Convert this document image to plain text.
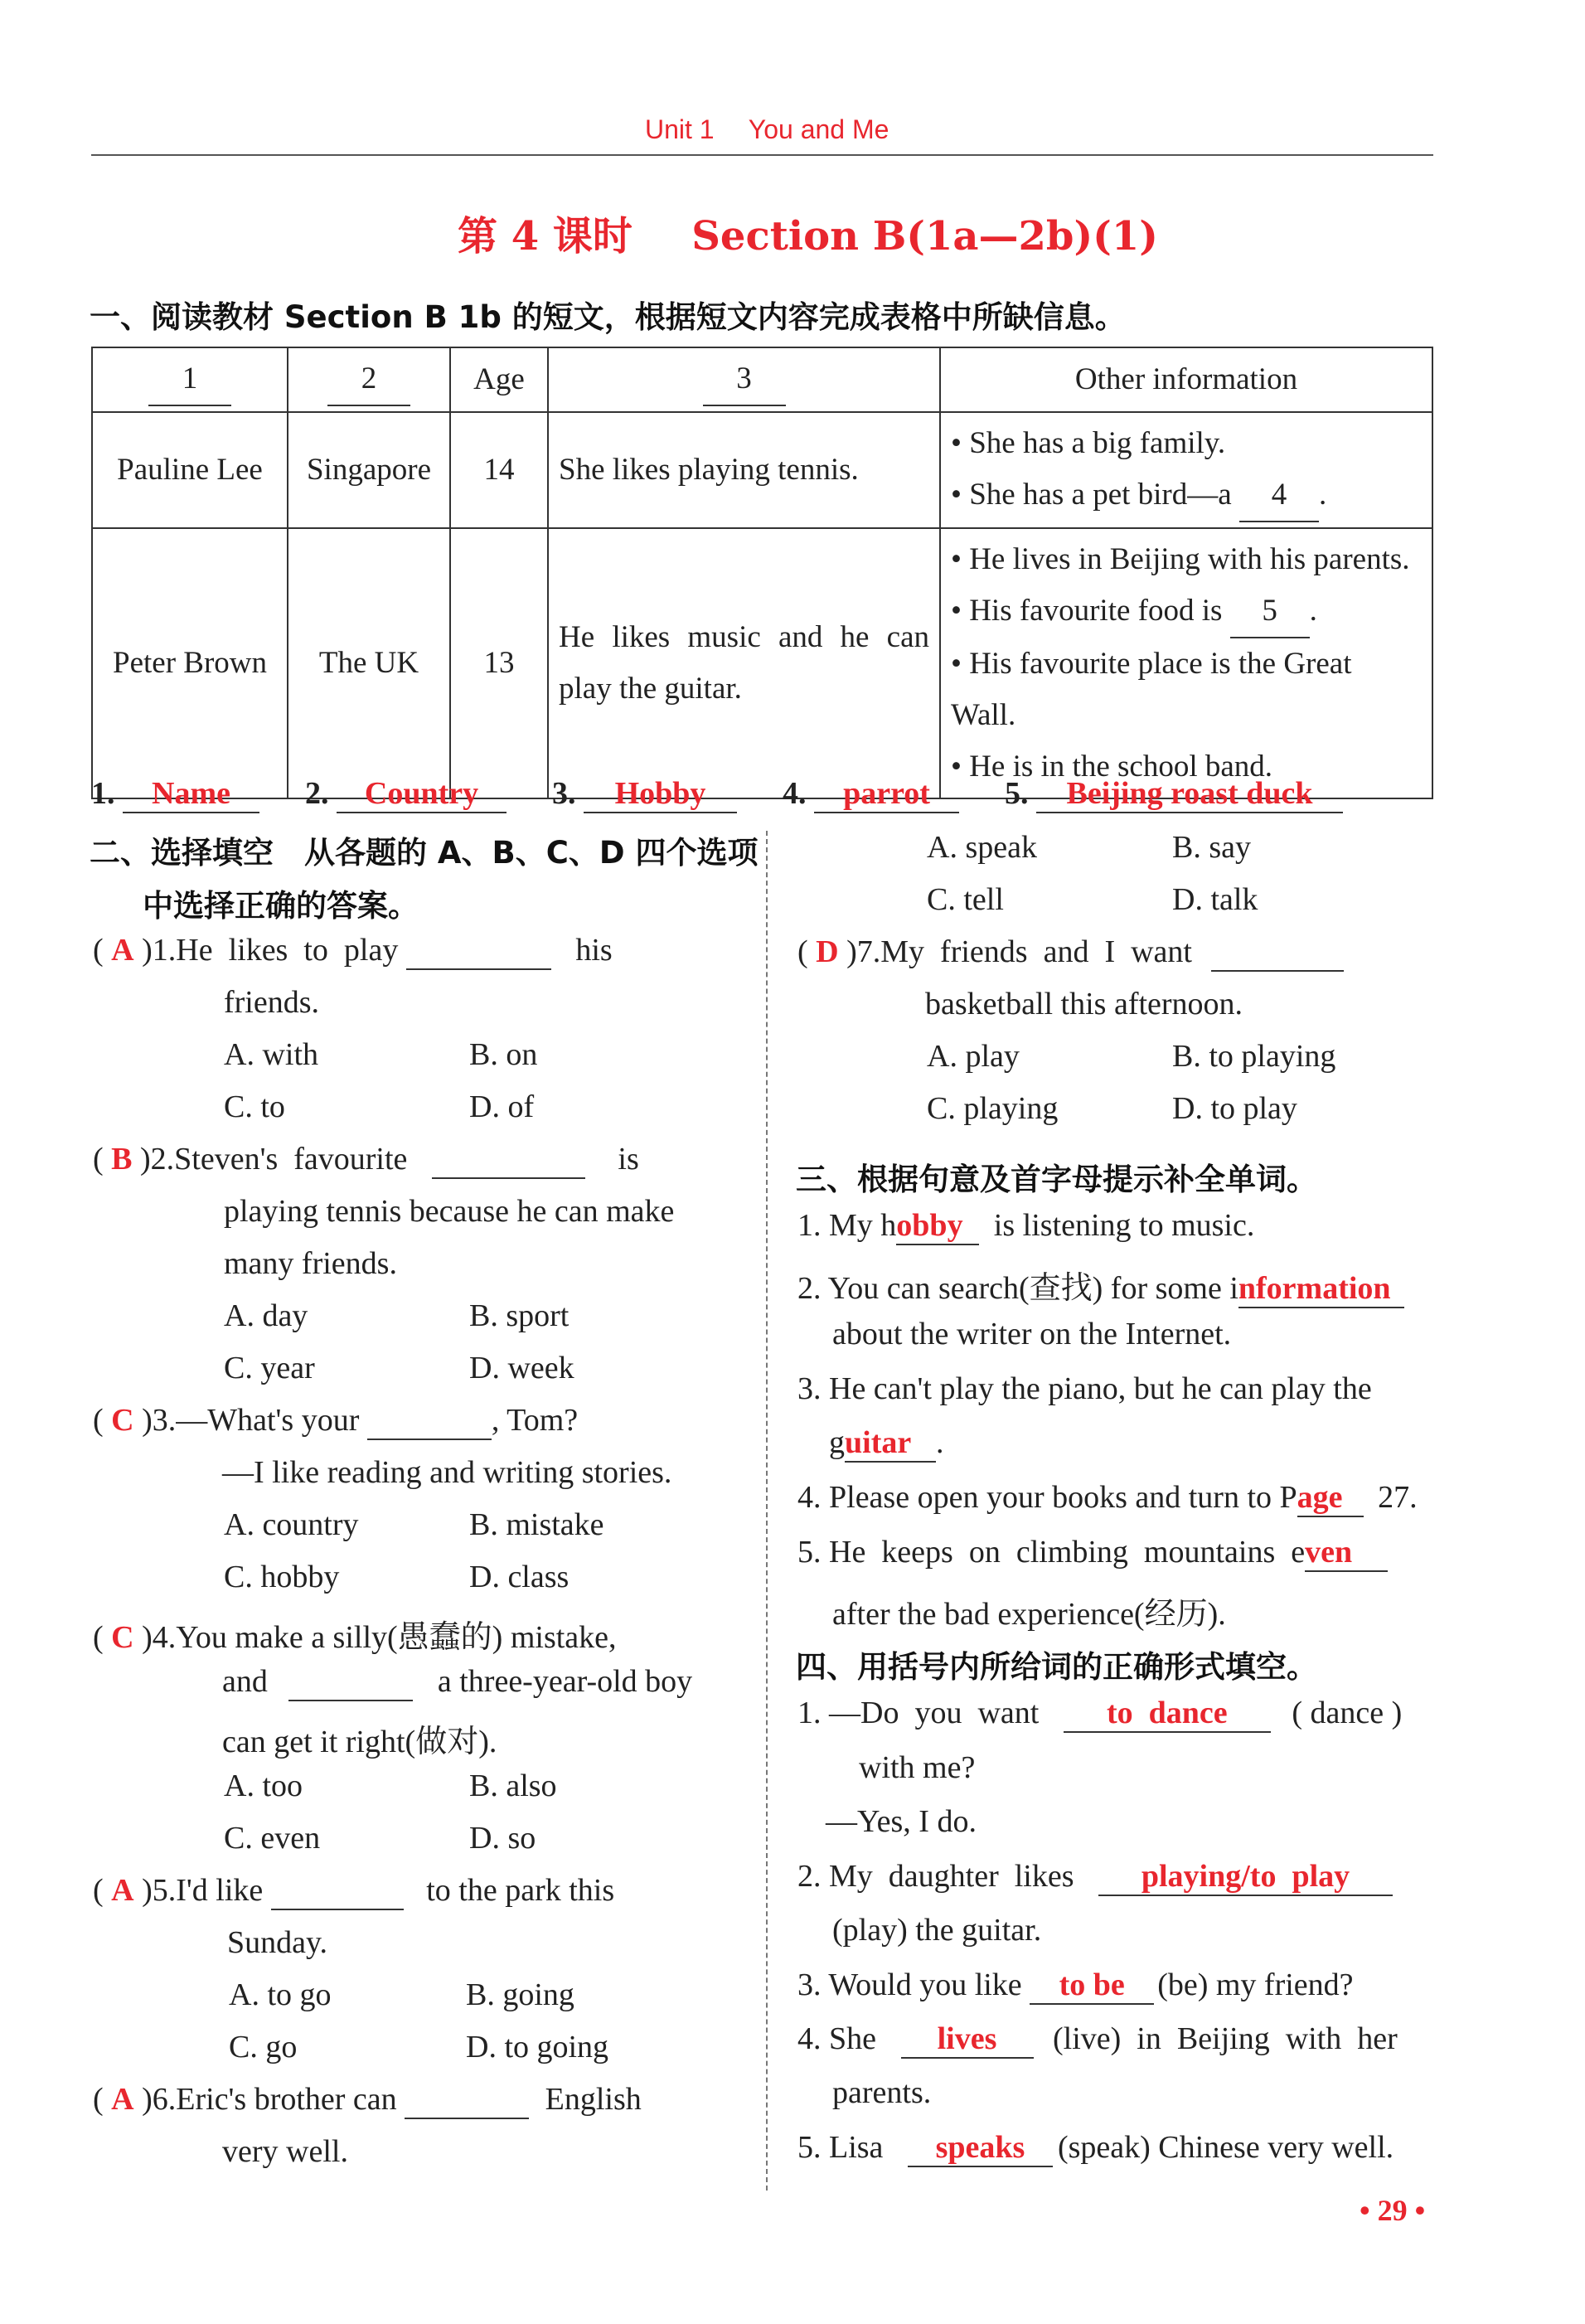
Unit 1 You and Me
第 4 课时 Section B(1a—2b)(1)
一、阅读教材 Section B 1b 的短文，根据短文内容完成表格中所缺信息。
1	2	Age	3	Other information
Pauline Lee	Singapore	14	She likes playing tennis.	• She has a big family.
• She has a pet bird—a 4 .

Peter Brown	The UK	13	He likes music and he can play the guitar.	• He lives in Beijing with his parents.
• His favourite food is 5 .
• His favourite place is the Great Wall.
• He is in the school band.
1. Name 2. Country 3. Hobby 4. parrot 5. Beijing roast duck
二、选择填空　从各题的 A、B、C、D 四个选项
中选择正确的答案。
( A )1.He  likes  to  play	his
friends.
A. with	B. on
C. to	D. of
( B )2.Steven's  favourite	is
playing tennis because he can make
many friends.
A. day	B. sport
C. year	D. week
( C )3.—What's your	, Tom?
—I like reading and writing stories.
A. country	B. mistake
C. hobby	D. class
( C )4.You make a silly(愚蠢的) mistake,
and	a three-year-old boy
can get it right(做对).
A. too	B. also
C. even	D. so
( A )5.I'd like	to the park this
Sunday.
A. to go	B. going
C. go	D. to going
( A )6.Eric's brother can	English
very well.
A. speak	B. say
C. tell	D. talk
( D )7.My  friends  and  I  want
basketball this afternoon.
A. play	B. to playing
C. playing	D. to play
三、根据句意及首字母提示补全单词。
1. My hobby is listening to music.
2. You can search(查找) for some information
about the writer on the Internet.
3. He can't play the piano, but he can play the
guitar .
4. Please open your books and turn to Page 27.
5. He  keeps  on  climbing  mountains  even
after the bad experience(经历).
四、用括号内所给词的正确形式填空。
1. —Do  you  want to  dance ( dance )
with me?
—Yes, I do.
2. My  daughter  likes playing/to  play
(play) the guitar.
3. Would you like to be (be) my friend?
4. She lives (live)  in  Beijing  with  her
parents.
5. Lisa speaks (speak) Chinese very well.
• 29 •
